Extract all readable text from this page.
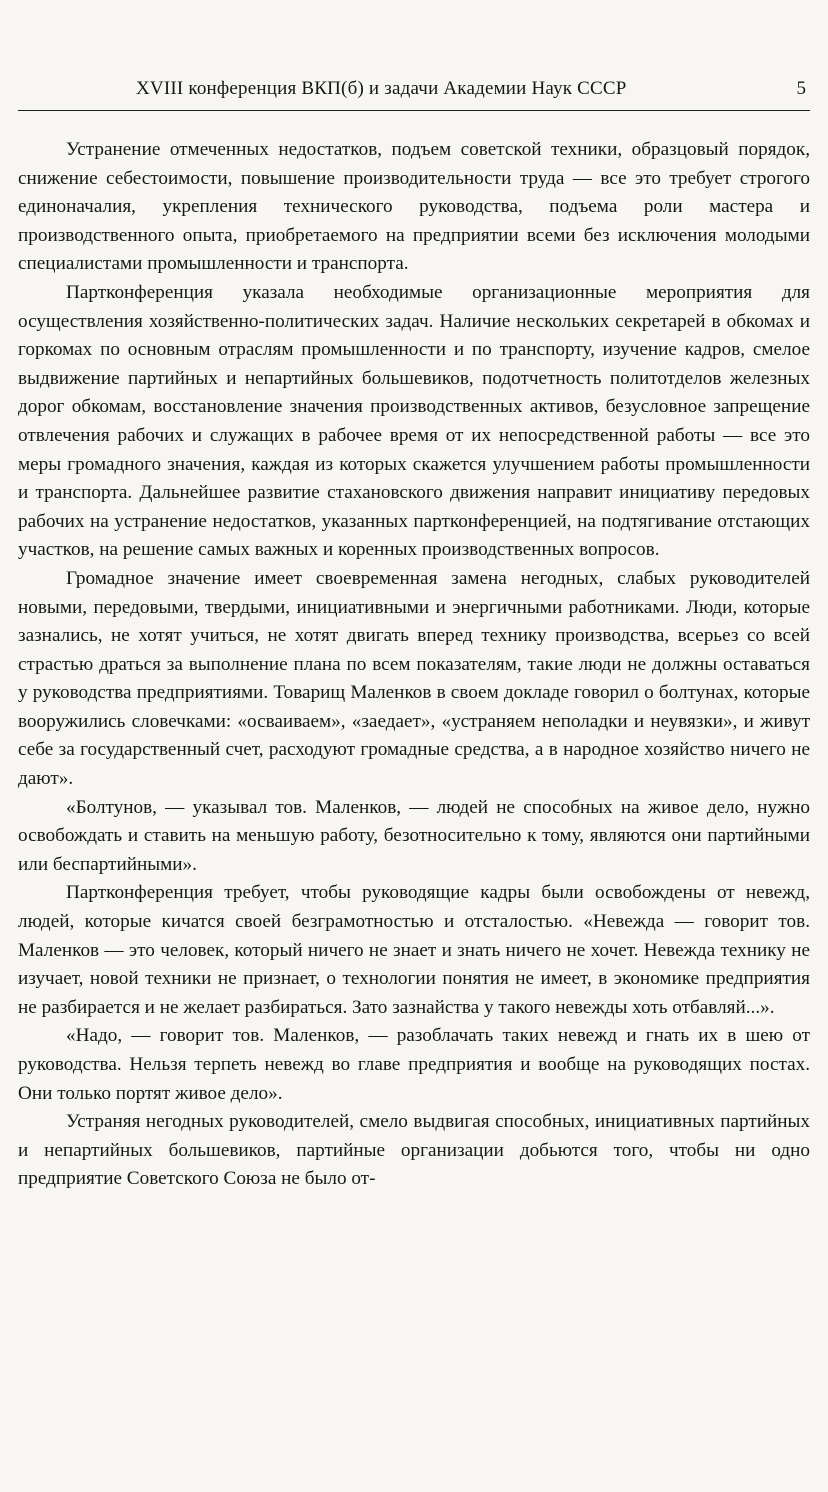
XVIII конференция ВКП(б) и задачи Академии Наук СССР	5

Устранение отмеченных недостатков, подъем советской техники, образцовый порядок, снижение себестоимости, повышение производительности труда — все это требует строгого единоначалия, укрепления технического руководства, подъема роли мастера и производственного опыта, приобретаемого на предприятии всеми без исключения молодыми специалистами промышленности и транспорта.

Партконференция указала необходимые организационные мероприятия для осуществления хозяйственно-политических задач. Наличие нескольких секретарей в обкомах и горкомах по основным отраслям промышленности и по транспорту, изучение кадров, смелое выдвижение партийных и непартийных большевиков, подотчетность политотделов железных дорог обкомам, восстановление значения производственных активов, безусловное запрещение отвлечения рабочих и служащих в рабочее время от их непосредственной работы — все это меры громадного значения, каждая из которых скажется улучшением работы промышленности и транспорта. Дальнейшее развитие стахановского движения направит инициативу передовых рабочих на устранение недостатков, указанных партконференцией, на подтягивание отстающих участков, на решение самых важных и коренных производственных вопросов.

Громадное значение имеет своевременная замена негодных, слабых руководителей новыми, передовыми, твердыми, инициативными и энергичными работниками. Люди, которые зазнались, не хотят учиться, не хотят двигать вперед технику производства, всерьез со всей страстью драться за выполнение плана по всем показателям, такие люди не должны оставаться у руководства предприятиями. Товарищ Маленков в своем докладе говорил о болтунах, которые вооружились словечками: «осваиваем», «заедает», «устраняем неполадки и неувязки», и живут себе за государственный счет, расходуют громадные средства, а в народное хозяйство ничего не дают».

«Болтунов, — указывал тов. Маленков, — людей не способных на живое дело, нужно освобождать и ставить на меньшую работу, безотносительно к тому, являются они партийными или беспартийными».

Партконференция требует, чтобы руководящие кадры были освобождены от невежд, людей, которые кичатся своей безграмотностью и отсталостью. «Невежда — говорит тов. Маленков — это человек, который ничего не знает и знать ничего не хочет. Невежда технику не изучает, новой техники не признает, о технологии понятия не имеет, в экономике предприятия не разбирается и не желает разбираться. Зато зазнайства у такого невежды хоть отбавляй...».

«Надо, — говорит тов. Маленков, — разоблачать таких невежд и гнать их в шею от руководства. Нельзя терпеть невежд во главе предприятия и вообще на руководящих постах. Они только портят живое дело».

Устраняя негодных руководителей, смело выдвигая способных, инициативных партийных и непартийных большевиков, партийные организации добьются того, чтобы ни одно предприятие Советского Союза не было от-
